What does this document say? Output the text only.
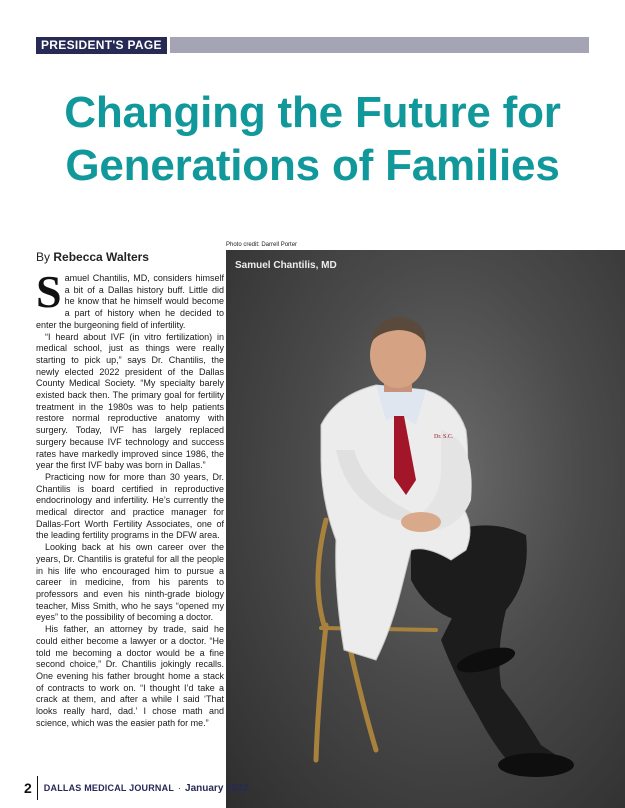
PRESIDENT'S PAGE
Changing the Future for Generations of Families
By Rebecca Walters
Photo credit: Darrell Porter

Samuel Chantilis, MD, considers himself a bit of a Dallas history buff. Little did he know that he himself would become a part of history when he decided to enter the burgeoning field of infertility.

“I heard about IVF (in vitro fertilization) in medical school, just as things were really starting to pick up,” says Dr. Chantilis, the newly elected 2022 president of the Dallas County Medical Society. “My specialty barely existed back then. The primary goal for fertility treatment in the 1980s was to help patients restore normal reproductive anatomy with surgery. Today, IVF has largely replaced surgery because IVF technology and success rates have markedly improved since 1986, the year the first IVF baby was born in Dallas.”

Practicing now for more than 30 years, Dr. Chantilis is board certified in reproductive endocrinology and infertility. He’s currently the medical director and practice manager for Dallas-Fort Worth Fertility Associates, one of the leading fertility programs in the DFW area.

Looking back at his own career over the years, Dr. Chantilis is grateful for all the people in his life who encouraged him to pursue a career in medicine, from his parents to professors and even his ninth-grade biology teacher, Miss Smith, who he says “opened my eyes” to the possibility of becoming a doctor.

His father, an attorney by trade, said he could either become a lawyer or a doctor. “He told me becoming a doctor would be a fine second choice,” Dr. Chantilis jokingly recalls. One evening his father brought home a stack of contracts to work on. “I thought I’d take a crack at them, and after a while I said ‘That looks really hard, dad.’ I chose math and science, which was the easier path for me.”

Dr. S.C.
Samuel Chantilis, MD
2 DALLAS MEDICAL JOURNAL · January 2022
